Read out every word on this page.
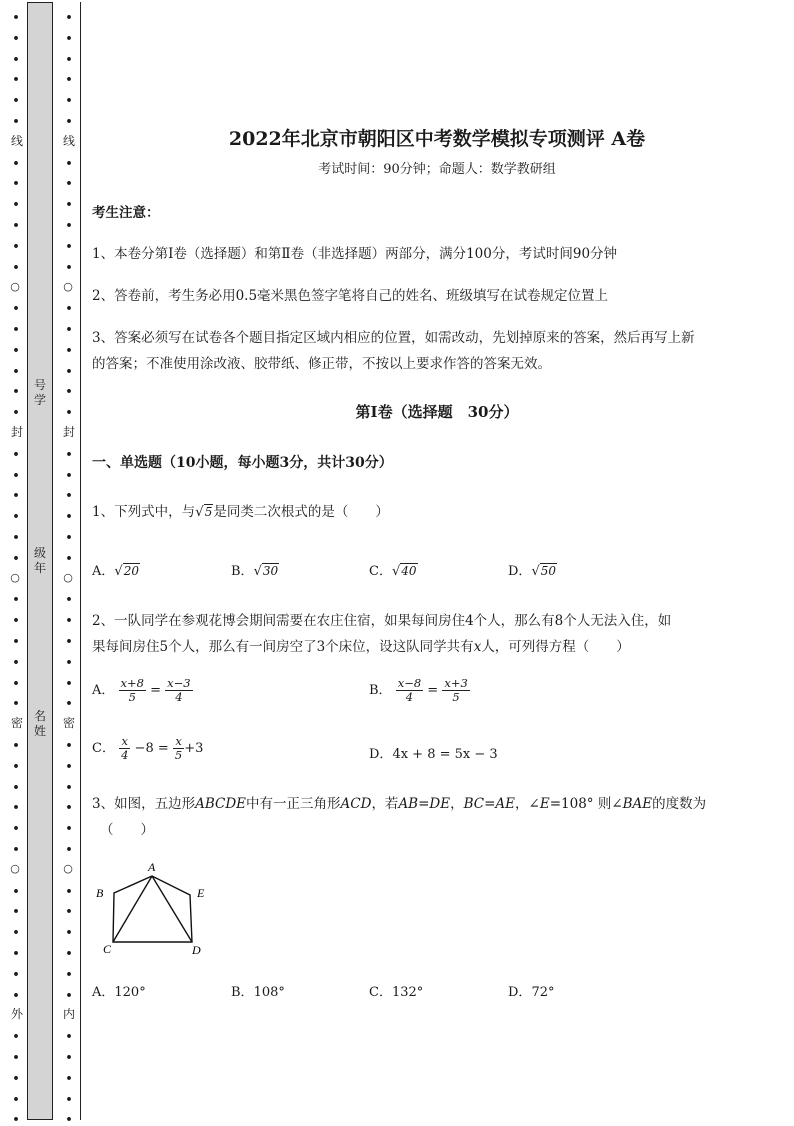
•
•
•
•
•
•
•
•
•
•
•
•
•
•
•
•
•
•
•
•
•
•
•
•
•
•
•
•
•
•
•
•
•
•
•
•
•
•
•
•
•
•
•
•
•
•
•
•
•
•
•
•
•
•
•
•
•
•
•
•
•
•
•
•
•
•
•
•
•
•
•
•
•
•
•
•
•
•
•
•
•
•
•
•
•
•
•
•
•
•
•
•
•
•
线
封
密
外
线
封
密
内
○
○
○
○
○
○
号学
级年
名姓
2022年北京市朝阳区中考数学模拟专项测评 A卷
考试时间：90分钟；命题人：数学教研组
考生注意：
1、本卷分第Ⅰ卷（选择题）和第Ⅱ卷（非选择题）两部分，满分100分，考试时间90分钟
2、答卷前，考生务必用0.5毫米黑色签字笔将自己的姓名、班级填写在试卷规定位置上
3、答案必须写在试卷各个题目指定区域内相应的位置，如需改动，先划掉原来的答案，然后再写上新
的答案；不准使用涂改液、胶带纸、修正带，不按以上要求作答的答案无效。
第Ⅰ卷（选择题　30分）
一、单选题（10小题，每小题3分，共计30分）
1、下列式中，与√5是同类二次根式的是（　　）
A．√20	B．√30	C．√40	D．√50
2、一队同学在参观花博会期间需要在农庄住宿，如果每间房住4个人，那么有8个人无法入住，如
果每间房住5个人，那么有一间房空了3个床位，设这队同学共有x人，可列得方程（　　）
A． $\frac{x+8}{5} = \frac{x-3}{4}$	B． $\frac{x-8}{4} = \frac{x+3}{5}$
C． $\frac{x}{4} -8 = \frac{x}{5} +3$	D．4x + 8 = 5x − 3
3、如图，五边形ABCDE中有一正三角形ACD，若AB=DE，BC=AE，∠E=108° 则∠BAE的度数为
（　　）
A
B
C	D
E
A．120°	B．108°	C．132°	D．72°
